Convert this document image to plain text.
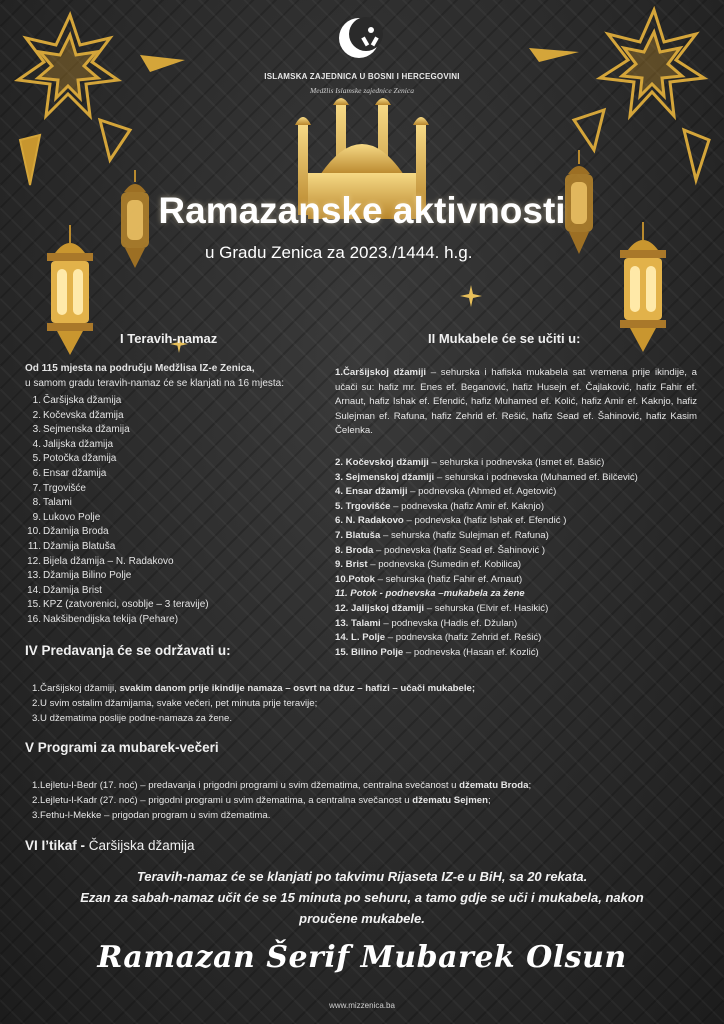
ISLAMSKA ZAJEDNICA U BOSNI I HERCEGOVINI
Medžlis Islamske zajednice Zenica
Ramazanske aktivnosti
u Gradu Zenica za 2023./1444. h.g.
I Teravih-namaz
Od 115 mjesta na području Medžlisa IZ-e Zenica,
u samom gradu teravih-namaz će se klanjati na 16 mjesta:
1. Čaršijska džamija
2. Kočevska džamija
3. Sejmenska džamija
4. Jalijska džamija
5. Potočka džamija
6. Ensar džamija
7. Trgovišće
8. Talami
9. Lukovo Polje
10. Džamija Broda
11. Džamija Blatuša
12. Bijela džamija – N. Radakovo
13. Džamija Bilino Polje
14. Džamija Brist
15. KPZ (zatvorenici, osoblje – 3 teravije)
16. Nakšibendijska tekija (Pehare)
II Mukabele će se učiti u:
1.Čaršijskoj džamiji – sehurska i hafiska mukabela sat vremena prije ikindije, a učači su: hafiz mr. Enes ef. Beganović, hafiz Husejn ef. Čajlaković, hafiz Fahir ef. Arnaut, hafiz Ishak ef. Efendić, hafiz Muhamed ef. Kolić, hafiz Amir ef. Kaknjo, hafiz Sulejman ef. Rafuna, hafiz Zehrid ef. Rešić, hafiz Sead ef. Šahinović, hafiz Kasim Čelenka.
2. Kočevskoj džamiji – sehurska i podnevska (Ismet ef. Bašić)
3. Sejmenskoj džamiji – sehurska i podnevska (Muhamed ef. Bilčević)
4. Ensar džamiji – podnevska (Ahmed ef. Agetović)
5. Trgovišće – podnevska (hafiz Amir ef. Kaknjo)
6. N. Radakovo – podnevska (hafiz Ishak ef. Efendić )
7. Blatuša – sehurska (hafiz Sulejman ef. Rafuna)
8. Broda – podnevska (hafiz Sead ef. Šahinović )
9. Brist – podnevska (Sumedin ef. Kobilica)
10.Potok – sehurska (hafiz Fahir ef. Arnaut)
11. Potok - podnevska –mukabela za žene
12. Jalijskoj džamiji – sehurska (Elvir ef. Hasikić)
13. Talami – podnevska (Hadis ef. Džulan)
14. L. Polje – podnevska (hafiz Zehrid ef. Rešić)
15. Bilino Polje – podnevska (Hasan ef. Kozlić)
IV Predavanja će se održavati u:
1.Čaršijskoj džamiji, svakim danom prije ikindije namaza – osvrt na džuz – hafizi – učači mukabele;
2.U svim ostalim džamijama, svake večeri, pet minuta prije teravije;
3.U džematima poslije podne-namaza za žene.
V Programi za mubarek-večeri
1.Lejletu-l-Bedr (17. noć) – predavanja i prigodni programi u svim džematima, centralna svečanost u džematu Broda;
2.Lejletu-l-Kadr (27. noć) – prigodni programi u svim džematima, a centralna svečanost u džematu Sejmen;
3.Fethu-l-Mekke – prigodan program u svim džematima.
VI I’tikaf - Čaršijska džamija
Teravih-namaz će se klanjati po takvimu Rijaseta IZ-e u BiH, sa 20 rekata.
Ezan za sabah-namaz učit će se 15 minuta po sehuru, a tamo gdje se uči i mukabela, nakon
proučene mukabele.
Ramazan Šerif Mubarek Olsun
www.mizzenica.ba
